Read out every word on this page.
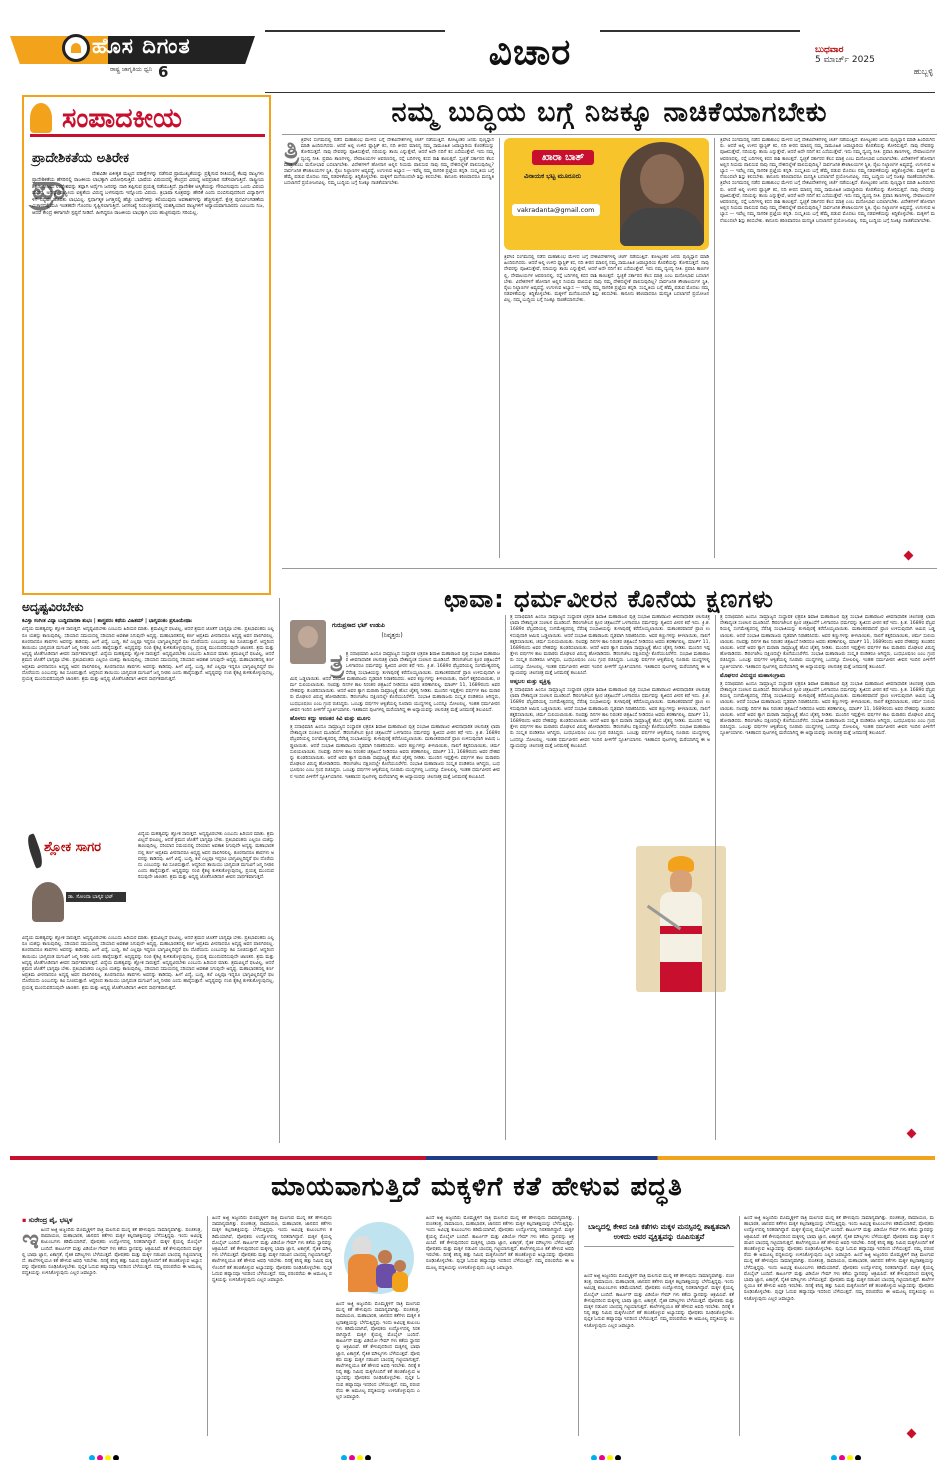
ಹೊಸ ದಿಗಂತ
ರಾಷ್ಟ್ರ ಜಾಗೃತಿಯ ಧ್ವನಿ 6	ವಿಚಾರ	ಬುಧವಾರ
5 ಮಾರ್ಚ್ 2025
ಹುಬ್ಬಳ್ಳಿ
ಸಂಪಾದಕೀಯ
ಪ್ರಾದೇಶಿಕತೆಯ ಅತಿರೇಕ
ಪ್ರಾ	ದೇಶವಿಡೀ ಏಕೀಕೃತ ಮಟ್ಟದ ಪರೀಕ್ಷೆಗಳನ್ನು ನಡೆಸುವ ಪ್ರಾಮುಖ್ಯತೆಯನ್ನು ಪ್ರಶ್ನಿಸುವ ರೀತಿಯಲ್ಲಿ ಕೆಲವು ರಾಜ್ಯಗಳು ಪ್ರಾದೇಶಿಕತೆಯ ಹೆಸರಿನಲ್ಲಿ ರಾಜಕೀಯ ಲಾಭಕ್ಕಾಗಿ ವಿರೋಧಿಸುತ್ತಿವೆ. ಭಾಷೆಯ ವಿಷಯದಲ್ಲಿ ಕೇಂದ್ರದ ವಿರುದ್ಧ ಅಪಪ್ರಚಾರ ನಡೆಸಲಾಗುತ್ತಿದೆ. ರಾಷ್ಟ್ರೀಯ ಶಿಕ್ಷಣ ನೀತಿಯ ಉದ್ದೇಶವನ್ನು ತಪ್ಪಾಗಿ ಅರ್ಥೈಸಿ ಜನರನ್ನು ದಾರಿ ತಪ್ಪಿಸುವ ಪ್ರಯತ್ನ ನಡೆಯುತ್ತಿದೆ. ಪ್ರಾದೇಶಿಕ ಅಸ್ಮಿತೆಯನ್ನು ಗೌರವಿಸುವುದು ಒಂದು ವಿಷಯವಾದರೆ, ಅದನ್ನು ರಾಷ್ಟ್ರೀಯ ಐಕ್ಯತೆಯ ವಿರುದ್ಧ ಬಳಸುವುದು ಇನ್ನೊಂದು ವಿಷಯ. ತ್ರಿಭಾಷಾ ಸೂತ್ರವನ್ನು ಹೇರಿಕೆ ಎಂದು ಬಿಂಬಿಸುವುದರಿಂದ ವಿದ್ಯಾರ್ಥಿಗಳಿಗೆ ನಷ್ಟವೇ ಹೊರತು ಲಾಭವಿಲ್ಲ. ಸ್ಪರ್ಧಾತ್ಮಕ ಜಗತ್ತಿನಲ್ಲಿ ಹೆಚ್ಚು ಭಾಷೆಗಳನ್ನು ಕಲಿಯುವುದು ಅವಕಾಶಗಳನ್ನು ಹೆಚ್ಚಿಸುತ್ತದೆ. ಕ್ಷೇತ್ರ ಪುನರ್ವಿಂಗಡಣೆಯ ವಿಚಾರದಲ್ಲಿಯೂ ಇಂತಹದೇ ಗೊಂದಲ ಸೃಷ್ಟಿಸಲಾಗುತ್ತಿದೆ. ಜನಸಂಖ್ಯೆ ನಿಯಂತ್ರಣದಲ್ಲಿ ಯಶಸ್ವಿಯಾದ ರಾಜ್ಯಗಳಿಗೆ ಅನ್ಯಾಯವಾಗಬಾರದು ಎಂಬುದು ನಿಜ, ಆದರೆ ಕೇಂದ್ರ ಈಗಾಗಲೇ ಸ್ಪಷ್ಟನೆ ನೀಡಿದೆ. ಹೀಗಿದ್ದರೂ ರಾಜಕೀಯ ಲಾಭಕ್ಕಾಗಿ ಭಯ ಹುಟ್ಟಿಸುವುದು ಸರಿಯಲ್ಲ.
ನಮ್ಮ ಬುದ್ಧಿಯ ಬಗ್ಗೆ ನಿಜಕ್ಕೂ ನಾಚಿಕೆಯಾಗಬೇಕು
ತ್ರಿ ತ್ರಿವೇಣಿ ಸಂಗಮದಲ್ಲಿ ನಡೆದ ಮಹಾಕುಂಭ ಮೇಳದ ಬಗ್ಗೆ ದೇಶವಿದೇಶಗಳಲ್ಲಿ ಚರ್ಚೆ ನಡೆಯುತ್ತಿದೆ. ಕೋಟ್ಯಂತರ ಜನರು ಪುಣ್ಯಸ್ನಾನ ಮಾಡಿ ಹಿಂದಿರುಗಿದರು. ಆದರೆ ಅಲ್ಲಿ ಉಳಿದ ಪ್ಲಾಸ್ಟಿಕ್ ಕಸ, ನದಿ ತೀರದ ಮಾಲಿನ್ಯ ನಮ್ಮ ಸಾಮೂಹಿಕ ಜವಾಬ್ದಾರಿಯ ಕೊರತೆಯನ್ನು ತೋರಿಸುತ್ತದೆ. ನಾವು ದೇವರನ್ನು ಪೂಜಿಸುತ್ತೇವೆ, ನದಿಯನ್ನು ತಾಯಿ ಎನ್ನುತ್ತೇವೆ, ಆದರೆ ಅದೇ ನದಿಗೆ ಕಸ ಎಸೆಯುತ್ತೇವೆ. ಇದು ನಮ್ಮ ದ್ವಂದ್ವ ನೀತಿ. ಪ್ರವಾಸಿ ತಾಣಗಳಲ್ಲಿ, ದೇವಾಲಯಗಳ ಆವರಣದಲ್ಲಿ, ರಸ್ತೆ ಬದಿಗಳಲ್ಲಿ ಕಸದ ರಾಶಿ ಕಾಣುತ್ತದೆ. ಸ್ವಚ್ಛತೆ ಸರ್ಕಾರದ ಕೆಲಸ ಮಾತ್ರ ಎಂಬ ಮನೋಭಾವ ಬದಲಾಗಬೇಕು. ವಿದೇಶಗಳಿಗೆ ಹೋದಾಗ ಅಲ್ಲಿನ ನಿಯಮ ಪಾಲಿಸುವ ನಾವು ನಮ್ಮ ದೇಶದಲ್ಲೇಕೆ ಪಾಲಿಸುವುದಿಲ್ಲ? ಸಾರ್ವಜನಿಕ ಶೌಚಾಲಯಗಳ ಸ್ಥಿತಿ, ರೈಲು ನಿಲ್ದಾಣಗಳ ಅವ್ಯವಸ್ಥೆ, ಉಗುಳುವ ಅಭ್ಯಾಸ — ಇವೆಲ್ಲ ನಮ್ಮ ನಾಗರಿಕ ಪ್ರಜ್ಞೆಯ ಕನ್ನಡಿ. ಸಂಸ್ಕೃತಿಯ ಬಗ್ಗೆ ಹೆಮ್ಮೆ ಪಡುವ ಮೊದಲು ನಮ್ಮ ನಡವಳಿಕೆಯನ್ನು ತಿದ್ದಿಕೊಳ್ಳಬೇಕು. ಮಕ್ಕಳಿಗೆ ಮನೆಯಿಂದಲೇ ಶಿಸ್ತು ಕಲಿಸಬೇಕು. ಕಾನೂನು ಕಠಿಣವಾದರೂ ಮನಸ್ಥಿತಿ ಬದಲಾಗದೆ ಪ್ರಯೋಜನವಿಲ್ಲ. ನಮ್ಮ ಬುದ್ಧಿಯ ಬಗ್ಗೆ ನಿಜಕ್ಕೂ ನಾಚಿಕೆಯಾಗಬೇಕು.
ಖಾರಾ ಬಾತ್
ವಿನಾಯಕ ಭಟ್ಟ ಮೂರೂರು
vakradanta@gmail.com
ತ್ರಿವೇಣಿ ಸಂಗಮದಲ್ಲಿ ನಡೆದ ಮಹಾಕುಂಭ ಮೇಳದ ಬಗ್ಗೆ ದೇಶವಿದೇಶಗಳಲ್ಲಿ ಚರ್ಚೆ ನಡೆಯುತ್ತಿದೆ. ಕೋಟ್ಯಂತರ ಜನರು ಪುಣ್ಯಸ್ನಾನ ಮಾಡಿ ಹಿಂದಿರುಗಿದರು. ಆದರೆ ಅಲ್ಲಿ ಉಳಿದ ಪ್ಲಾಸ್ಟಿಕ್ ಕಸ, ನದಿ ತೀರದ ಮಾಲಿನ್ಯ ನಮ್ಮ ಸಾಮೂಹಿಕ ಜವಾಬ್ದಾರಿಯ ಕೊರತೆಯನ್ನು ತೋರಿಸುತ್ತದೆ. ನಾವು ದೇವರನ್ನು ಪೂಜಿಸುತ್ತೇವೆ, ನದಿಯನ್ನು ತಾಯಿ ಎನ್ನುತ್ತೇವೆ, ಆದರೆ ಅದೇ ನದಿಗೆ ಕಸ ಎಸೆಯುತ್ತೇವೆ. ಇದು ನಮ್ಮ ದ್ವಂದ್ವ ನೀತಿ. ಪ್ರವಾಸಿ ತಾಣಗಳಲ್ಲಿ, ದೇವಾಲಯಗಳ ಆವರಣದಲ್ಲಿ, ರಸ್ತೆ ಬದಿಗಳಲ್ಲಿ ಕಸದ ರಾಶಿ ಕಾಣುತ್ತದೆ. ಸ್ವಚ್ಛತೆ ಸರ್ಕಾರದ ಕೆಲಸ ಮಾತ್ರ ಎಂಬ ಮನೋಭಾವ ಬದಲಾಗಬೇಕು. ವಿದೇಶಗಳಿಗೆ ಹೋದಾಗ ಅಲ್ಲಿನ ನಿಯಮ ಪಾಲಿಸುವ ನಾವು ನಮ್ಮ ದೇಶದಲ್ಲೇಕೆ ಪಾಲಿಸುವುದಿಲ್ಲ? ಸಾರ್ವಜನಿಕ ಶೌಚಾಲಯಗಳ ಸ್ಥಿತಿ, ರೈಲು ನಿಲ್ದಾಣಗಳ ಅವ್ಯವಸ್ಥೆ, ಉಗುಳುವ ಅಭ್ಯಾಸ — ಇವೆಲ್ಲ ನಮ್ಮ ನಾಗರಿಕ ಪ್ರಜ್ಞೆಯ ಕನ್ನಡಿ. ಸಂಸ್ಕೃತಿಯ ಬಗ್ಗೆ ಹೆಮ್ಮೆ ಪಡುವ ಮೊದಲು ನಮ್ಮ ನಡವಳಿಕೆಯನ್ನು ತಿದ್ದಿಕೊಳ್ಳಬೇಕು. ಮಕ್ಕಳಿಗೆ ಮನೆಯಿಂದಲೇ ಶಿಸ್ತು ಕಲಿಸಬೇಕು. ಕಾನೂನು ಕಠಿಣವಾದರೂ ಮನಸ್ಥಿತಿ ಬದಲಾಗದೆ ಪ್ರಯೋಜನವಿಲ್ಲ. ನಮ್ಮ ಬುದ್ಧಿಯ ಬಗ್ಗೆ ನಿಜಕ್ಕೂ ನಾಚಿಕೆಯಾಗಬೇಕು.
ತ್ರಿವೇಣಿ ಸಂಗಮದಲ್ಲಿ ನಡೆದ ಮಹಾಕುಂಭ ಮೇಳದ ಬಗ್ಗೆ ದೇಶವಿದೇಶಗಳಲ್ಲಿ ಚರ್ಚೆ ನಡೆಯುತ್ತಿದೆ. ಕೋಟ್ಯಂತರ ಜನರು ಪುಣ್ಯಸ್ನಾನ ಮಾಡಿ ಹಿಂದಿರುಗಿದರು. ಆದರೆ ಅಲ್ಲಿ ಉಳಿದ ಪ್ಲಾಸ್ಟಿಕ್ ಕಸ, ನದಿ ತೀರದ ಮಾಲಿನ್ಯ ನಮ್ಮ ಸಾಮೂಹಿಕ ಜವಾಬ್ದಾರಿಯ ಕೊರತೆಯನ್ನು ತೋರಿಸುತ್ತದೆ. ನಾವು ದೇವರನ್ನು ಪೂಜಿಸುತ್ತೇವೆ, ನದಿಯನ್ನು ತಾಯಿ ಎನ್ನುತ್ತೇವೆ, ಆದರೆ ಅದೇ ನದಿಗೆ ಕಸ ಎಸೆಯುತ್ತೇವೆ. ಇದು ನಮ್ಮ ದ್ವಂದ್ವ ನೀತಿ. ಪ್ರವಾಸಿ ತಾಣಗಳಲ್ಲಿ, ದೇವಾಲಯಗಳ ಆವರಣದಲ್ಲಿ, ರಸ್ತೆ ಬದಿಗಳಲ್ಲಿ ಕಸದ ರಾಶಿ ಕಾಣುತ್ತದೆ. ಸ್ವಚ್ಛತೆ ಸರ್ಕಾರದ ಕೆಲಸ ಮಾತ್ರ ಎಂಬ ಮನೋಭಾವ ಬದಲಾಗಬೇಕು. ವಿದೇಶಗಳಿಗೆ ಹೋದಾಗ ಅಲ್ಲಿನ ನಿಯಮ ಪಾಲಿಸುವ ನಾವು ನಮ್ಮ ದೇಶದಲ್ಲೇಕೆ ಪಾಲಿಸುವುದಿಲ್ಲ? ಸಾರ್ವಜನಿಕ ಶೌಚಾಲಯಗಳ ಸ್ಥಿತಿ, ರೈಲು ನಿಲ್ದಾಣಗಳ ಅವ್ಯವಸ್ಥೆ, ಉಗುಳುವ ಅಭ್ಯಾಸ — ಇವೆಲ್ಲ ನಮ್ಮ ನಾಗರಿಕ ಪ್ರಜ್ಞೆಯ ಕನ್ನಡಿ. ಸಂಸ್ಕೃತಿಯ ಬಗ್ಗೆ ಹೆಮ್ಮೆ ಪಡುವ ಮೊದಲು ನಮ್ಮ ನಡವಳಿಕೆಯನ್ನು ತಿದ್ದಿಕೊಳ್ಳಬೇಕು. ಮಕ್ಕಳಿಗೆ ಮನೆಯಿಂದಲೇ ಶಿಸ್ತು ಕಲಿಸಬೇಕು. ಕಾನೂನು ಕಠಿಣವಾದರೂ ಮನಸ್ಥಿತಿ ಬದಲಾಗದೆ ಪ್ರಯೋಜನವಿಲ್ಲ. ನಮ್ಮ ಬುದ್ಧಿಯ ಬಗ್ಗೆ ನಿಜಕ್ಕೂ ನಾಚಿಕೆಯಾಗಬೇಕು. ತ್ರಿವೇಣಿ ಸಂಗಮದಲ್ಲಿ ನಡೆದ ಮಹಾಕುಂಭ ಮೇಳದ ಬಗ್ಗೆ ದೇಶವಿದೇಶಗಳಲ್ಲಿ ಚರ್ಚೆ ನಡೆಯುತ್ತಿದೆ. ಕೋಟ್ಯಂತರ ಜನರು ಪುಣ್ಯಸ್ನಾನ ಮಾಡಿ ಹಿಂದಿರುಗಿದರು. ಆದರೆ ಅಲ್ಲಿ ಉಳಿದ ಪ್ಲಾಸ್ಟಿಕ್ ಕಸ, ನದಿ ತೀರದ ಮಾಲಿನ್ಯ ನಮ್ಮ ಸಾಮೂಹಿಕ ಜವಾಬ್ದಾರಿಯ ಕೊರತೆಯನ್ನು ತೋರಿಸುತ್ತದೆ. ನಾವು ದೇವರನ್ನು ಪೂಜಿಸುತ್ತೇವೆ, ನದಿಯನ್ನು ತಾಯಿ ಎನ್ನುತ್ತೇವೆ, ಆದರೆ ಅದೇ ನದಿಗೆ ಕಸ ಎಸೆಯುತ್ತೇವೆ. ಇದು ನಮ್ಮ ದ್ವಂದ್ವ ನೀತಿ. ಪ್ರವಾಸಿ ತಾಣಗಳಲ್ಲಿ, ದೇವಾಲಯಗಳ ಆವರಣದಲ್ಲಿ, ರಸ್ತೆ ಬದಿಗಳಲ್ಲಿ ಕಸದ ರಾಶಿ ಕಾಣುತ್ತದೆ. ಸ್ವಚ್ಛತೆ ಸರ್ಕಾರದ ಕೆಲಸ ಮಾತ್ರ ಎಂಬ ಮನೋಭಾವ ಬದಲಾಗಬೇಕು. ವಿದೇಶಗಳಿಗೆ ಹೋದಾಗ ಅಲ್ಲಿನ ನಿಯಮ ಪಾಲಿಸುವ ನಾವು ನಮ್ಮ ದೇಶದಲ್ಲೇಕೆ ಪಾಲಿಸುವುದಿಲ್ಲ? ಸಾರ್ವಜನಿಕ ಶೌಚಾಲಯಗಳ ಸ್ಥಿತಿ, ರೈಲು ನಿಲ್ದಾಣಗಳ ಅವ್ಯವಸ್ಥೆ, ಉಗುಳುವ ಅಭ್ಯಾಸ — ಇವೆಲ್ಲ ನಮ್ಮ ನಾಗರಿಕ ಪ್ರಜ್ಞೆಯ ಕನ್ನಡಿ. ಸಂಸ್ಕೃತಿಯ ಬಗ್ಗೆ ಹೆಮ್ಮೆ ಪಡುವ ಮೊದಲು ನಮ್ಮ ನಡವಳಿಕೆಯನ್ನು ತಿದ್ದಿಕೊಳ್ಳಬೇಕು. ಮಕ್ಕಳಿಗೆ ಮನೆಯಿಂದಲೇ ಶಿಸ್ತು ಕಲಿಸಬೇಕು. ಕಾನೂನು ಕಠಿಣವಾದರೂ ಮನಸ್ಥಿತಿ ಬದಲಾಗದೆ ಪ್ರಯೋಜನವಿಲ್ಲ. ನಮ್ಮ ಬುದ್ಧಿಯ ಬಗ್ಗೆ ನಿಜಕ್ಕೂ ನಾಚಿಕೆಯಾಗಬೇಕು.
ಅದೃಷ್ಟವಿರಬೇಕು
ಕವಿಸ್ತಾ ಸಂಗೀತ ವಿದ್ಯಾ ಬುದ್ಧಿಮಾನತಾ ಶುಭಂ | ಶಾಸ್ತ್ರಪರಂ ಕಥೆಯ ವಿಹಿತಮ್ | ಭಾಗ್ಯವಂತಂ ಪ್ರಸೂಯೇಥಾಃ
ವಿದ್ಯೆಯ ಮಹತ್ವವನ್ನು ಶ್ಲೋಕ ಸಾರುತ್ತದೆ. ಅದೃಷ್ಟವಿರಬೇಕು ಎಂಬುದು ಹಿರಿಯರ ಮಾತು. ಶ್ರಮವಿಲ್ಲದೆ ಫಲವಿಲ್ಲ, ಆದರೆ ಶ್ರಮದ ಜೊತೆಗೆ ಭಾಗ್ಯವೂ ಬೇಕು. ಪ್ರತಿಭಾವಂತರು ಎಲ್ಲರೂ ಯಶಸ್ಸು ಕಾಣುವುದಿಲ್ಲ. ಸರಿಯಾದ ಸಮಯದಲ್ಲಿ ಸರಿಯಾದ ಅವಕಾಶ ಸಿಗುವುದೇ ಅದೃಷ್ಟ. ಮಹಾಭಾರತದಲ್ಲಿ ಕರ್ಣ ಅಪ್ರತಿಮ ವೀರನಾದರೂ ಅದೃಷ್ಟ ಅವನ ಪಾಲಿಗಿರಲಿಲ್ಲ. ಶೂರನಾದರೂ ಶಾಪಗಳು ಅವನನ್ನು ಕಾಡಿದವು. ಹೀಗೆ ವಿದ್ಯೆ, ಬುದ್ಧಿ, ಕಲೆ ಎಲ್ಲವೂ ಇದ್ದರೂ ಭಾಗ್ಯವಿಲ್ಲದಿದ್ದರೆ ಫಲ ದೊರೆಯದು ಎಂಬುದನ್ನು ಕವಿ ಸೂಚಿಸುತ್ತಾನೆ. ಆದ್ದರಿಂದ ತಾಯಿಯು ಭಾಗ್ಯವಂತ ಮಗುವಿಗೆ ಜನ್ಮ ನೀಡಲಿ ಎಂದು ಹಾರೈಸುತ್ತಾನೆ. ಅದೃಷ್ಟವನ್ನು ನಂಬಿ ಕೈಕಟ್ಟಿ ಕುಳಿತುಕೊಳ್ಳುವುದಲ್ಲ, ಪ್ರಯತ್ನ ಮುಂದುವರಿಸುವುದೇ ಜಾಣತನ. ಶ್ರಮ ಮತ್ತು ಅದೃಷ್ಟ ಜೊತೆಗೂಡಿದಾಗ ಜೀವನ ಸಾರ್ಥಕವಾಗುತ್ತದೆ. ವಿದ್ಯೆಯ ಮಹತ್ವವನ್ನು ಶ್ಲೋಕ ಸಾರುತ್ತದೆ. ಅದೃಷ್ಟವಿರಬೇಕು ಎಂಬುದು ಹಿರಿಯರ ಮಾತು. ಶ್ರಮವಿಲ್ಲದೆ ಫಲವಿಲ್ಲ, ಆದರೆ ಶ್ರಮದ ಜೊತೆಗೆ ಭಾಗ್ಯವೂ ಬೇಕು. ಪ್ರತಿಭಾವಂತರು ಎಲ್ಲರೂ ಯಶಸ್ಸು ಕಾಣುವುದಿಲ್ಲ. ಸರಿಯಾದ ಸಮಯದಲ್ಲಿ ಸರಿಯಾದ ಅವಕಾಶ ಸಿಗುವುದೇ ಅದೃಷ್ಟ. ಮಹಾಭಾರತದಲ್ಲಿ ಕರ್ಣ ಅಪ್ರತಿಮ ವೀರನಾದರೂ ಅದೃಷ್ಟ ಅವನ ಪಾಲಿಗಿರಲಿಲ್ಲ. ಶೂರನಾದರೂ ಶಾಪಗಳು ಅವನನ್ನು ಕಾಡಿದವು. ಹೀಗೆ ವಿದ್ಯೆ, ಬುದ್ಧಿ, ಕಲೆ ಎಲ್ಲವೂ ಇದ್ದರೂ ಭಾಗ್ಯವಿಲ್ಲದಿದ್ದರೆ ಫಲ ದೊರೆಯದು ಎಂಬುದನ್ನು ಕವಿ ಸೂಚಿಸುತ್ತಾನೆ. ಆದ್ದರಿಂದ ತಾಯಿಯು ಭಾಗ್ಯವಂತ ಮಗುವಿಗೆ ಜನ್ಮ ನೀಡಲಿ ಎಂದು ಹಾರೈಸುತ್ತಾನೆ. ಅದೃಷ್ಟವನ್ನು ನಂಬಿ ಕೈಕಟ್ಟಿ ಕುಳಿತುಕೊಳ್ಳುವುದಲ್ಲ, ಪ್ರಯತ್ನ ಮುಂದುವರಿಸುವುದೇ ಜಾಣತನ. ಶ್ರಮ ಮತ್ತು ಅದೃಷ್ಟ ಜೊತೆಗೂಡಿದಾಗ ಜೀವನ ಸಾರ್ಥಕವಾಗುತ್ತದೆ.
ಶ್ಲೋಕ ಸಾಗರ
ಡಾ. ಸೋಂದಾ ಭಾಸ್ಕರ ಭಟ್
ವಿದ್ಯೆಯ ಮಹತ್ವವನ್ನು ಶ್ಲೋಕ ಸಾರುತ್ತದೆ. ಅದೃಷ್ಟವಿರಬೇಕು ಎಂಬುದು ಹಿರಿಯರ ಮಾತು. ಶ್ರಮವಿಲ್ಲದೆ ಫಲವಿಲ್ಲ, ಆದರೆ ಶ್ರಮದ ಜೊತೆಗೆ ಭಾಗ್ಯವೂ ಬೇಕು. ಪ್ರತಿಭಾವಂತರು ಎಲ್ಲರೂ ಯಶಸ್ಸು ಕಾಣುವುದಿಲ್ಲ. ಸರಿಯಾದ ಸಮಯದಲ್ಲಿ ಸರಿಯಾದ ಅವಕಾಶ ಸಿಗುವುದೇ ಅದೃಷ್ಟ. ಮಹಾಭಾರತದಲ್ಲಿ ಕರ್ಣ ಅಪ್ರತಿಮ ವೀರನಾದರೂ ಅದೃಷ್ಟ ಅವನ ಪಾಲಿಗಿರಲಿಲ್ಲ. ಶೂರನಾದರೂ ಶಾಪಗಳು ಅವನನ್ನು ಕಾಡಿದವು. ಹೀಗೆ ವಿದ್ಯೆ, ಬುದ್ಧಿ, ಕಲೆ ಎಲ್ಲವೂ ಇದ್ದರೂ ಭಾಗ್ಯವಿಲ್ಲದಿದ್ದರೆ ಫಲ ದೊರೆಯದು ಎಂಬುದನ್ನು ಕವಿ ಸೂಚಿಸುತ್ತಾನೆ. ಆದ್ದರಿಂದ ತಾಯಿಯು ಭಾಗ್ಯವಂತ ಮಗುವಿಗೆ ಜನ್ಮ ನೀಡಲಿ ಎಂದು ಹಾರೈಸುತ್ತಾನೆ. ಅದೃಷ್ಟವನ್ನು ನಂಬಿ ಕೈಕಟ್ಟಿ ಕುಳಿತುಕೊಳ್ಳುವುದಲ್ಲ, ಪ್ರಯತ್ನ ಮುಂದುವರಿಸುವುದೇ ಜಾಣತನ. ಶ್ರಮ ಮತ್ತು ಅದೃಷ್ಟ ಜೊತೆಗೂಡಿದಾಗ ಜೀವನ ಸಾರ್ಥಕವಾಗುತ್ತದೆ.
ವಿದ್ಯೆಯ ಮಹತ್ವವನ್ನು ಶ್ಲೋಕ ಸಾರುತ್ತದೆ. ಅದೃಷ್ಟವಿರಬೇಕು ಎಂಬುದು ಹಿರಿಯರ ಮಾತು. ಶ್ರಮವಿಲ್ಲದೆ ಫಲವಿಲ್ಲ, ಆದರೆ ಶ್ರಮದ ಜೊತೆಗೆ ಭಾಗ್ಯವೂ ಬೇಕು. ಪ್ರತಿಭಾವಂತರು ಎಲ್ಲರೂ ಯಶಸ್ಸು ಕಾಣುವುದಿಲ್ಲ. ಸರಿಯಾದ ಸಮಯದಲ್ಲಿ ಸರಿಯಾದ ಅವಕಾಶ ಸಿಗುವುದೇ ಅದೃಷ್ಟ. ಮಹಾಭಾರತದಲ್ಲಿ ಕರ್ಣ ಅಪ್ರತಿಮ ವೀರನಾದರೂ ಅದೃಷ್ಟ ಅವನ ಪಾಲಿಗಿರಲಿಲ್ಲ. ಶೂರನಾದರೂ ಶಾಪಗಳು ಅವನನ್ನು ಕಾಡಿದವು. ಹೀಗೆ ವಿದ್ಯೆ, ಬುದ್ಧಿ, ಕಲೆ ಎಲ್ಲವೂ ಇದ್ದರೂ ಭಾಗ್ಯವಿಲ್ಲದಿದ್ದರೆ ಫಲ ದೊರೆಯದು ಎಂಬುದನ್ನು ಕವಿ ಸೂಚಿಸುತ್ತಾನೆ. ಆದ್ದರಿಂದ ತಾಯಿಯು ಭಾಗ್ಯವಂತ ಮಗುವಿಗೆ ಜನ್ಮ ನೀಡಲಿ ಎಂದು ಹಾರೈಸುತ್ತಾನೆ. ಅದೃಷ್ಟವನ್ನು ನಂಬಿ ಕೈಕಟ್ಟಿ ಕುಳಿತುಕೊಳ್ಳುವುದಲ್ಲ, ಪ್ರಯತ್ನ ಮುಂದುವರಿಸುವುದೇ ಜಾಣತನ. ಶ್ರಮ ಮತ್ತು ಅದೃಷ್ಟ ಜೊತೆಗೂಡಿದಾಗ ಜೀವನ ಸಾರ್ಥಕವಾಗುತ್ತದೆ. ವಿದ್ಯೆಯ ಮಹತ್ವವನ್ನು ಶ್ಲೋಕ ಸಾರುತ್ತದೆ. ಅದೃಷ್ಟವಿರಬೇಕು ಎಂಬುದು ಹಿರಿಯರ ಮಾತು. ಶ್ರಮವಿಲ್ಲದೆ ಫಲವಿಲ್ಲ, ಆದರೆ ಶ್ರಮದ ಜೊತೆಗೆ ಭಾಗ್ಯವೂ ಬೇಕು. ಪ್ರತಿಭಾವಂತರು ಎಲ್ಲರೂ ಯಶಸ್ಸು ಕಾಣುವುದಿಲ್ಲ. ಸರಿಯಾದ ಸಮಯದಲ್ಲಿ ಸರಿಯಾದ ಅವಕಾಶ ಸಿಗುವುದೇ ಅದೃಷ್ಟ. ಮಹಾಭಾರತದಲ್ಲಿ ಕರ್ಣ ಅಪ್ರತಿಮ ವೀರನಾದರೂ ಅದೃಷ್ಟ ಅವನ ಪಾಲಿಗಿರಲಿಲ್ಲ. ಶೂರನಾದರೂ ಶಾಪಗಳು ಅವನನ್ನು ಕಾಡಿದವು. ಹೀಗೆ ವಿದ್ಯೆ, ಬುದ್ಧಿ, ಕಲೆ ಎಲ್ಲವೂ ಇದ್ದರೂ ಭಾಗ್ಯವಿಲ್ಲದಿದ್ದರೆ ಫಲ ದೊರೆಯದು ಎಂಬುದನ್ನು ಕವಿ ಸೂಚಿಸುತ್ತಾನೆ. ಆದ್ದರಿಂದ ತಾಯಿಯು ಭಾಗ್ಯವಂತ ಮಗುವಿಗೆ ಜನ್ಮ ನೀಡಲಿ ಎಂದು ಹಾರೈಸುತ್ತಾನೆ. ಅದೃಷ್ಟವನ್ನು ನಂಬಿ ಕೈಕಟ್ಟಿ ಕುಳಿತುಕೊಳ್ಳುವುದಲ್ಲ, ಪ್ರಯತ್ನ ಮುಂದುವರಿಸುವುದೇ ಜಾಣತನ. ಶ್ರಮ ಮತ್ತು ಅದೃಷ್ಟ ಜೊತೆಗೂಡಿದಾಗ ಜೀವನ ಸಾರ್ಥಕವಾಗುತ್ತದೆ.
ಛಾವಾ: ಧರ್ಮವೀರನ ಕೊನೆಯ ಕ್ಷಣಗಳು
ಗುರುಪ್ರಸಾದ ಭಟ್ ಉಡುಪಿ
(ನಿವೃತ್ತರು)
ತ್ರ ತ್ರ ಸದಾಭಿಮಾನಿ ಹಿಂದೂ ಸಾಮ್ರಾಜ್ಯದ ಸಂಸ್ಥಾಪಕ ಛತ್ರಪತಿ ಶಿವಾಜಿ ಮಹಾರಾಜರ ಪುತ್ರ ಸಂಭಾಜಿ ಮಹಾರಾಜರ ಜೀವನಾಧಾರಿತ ಚಲನಚಿತ್ರ ಛಾವಾ ದೇಶಾದ್ಯಂತ ಸಂಚಲನ ಮೂಡಿಸಿದೆ. ಔರಂಗಜೇಬನ ಕ್ರೂರ ಚಿತ್ರಹಿಂಸೆಗೆ ಒಳಗಾದರೂ ಧರ್ಮವನ್ನು ತ್ಯಜಿಸದ ವೀರನ ಕಥೆ ಇದು. ಕ್ರಿ.ಶ. 1689ರ ಫೆಬ್ರವರಿಯಲ್ಲಿ ಸಂಗಮೇಶ್ವರದಲ್ಲಿ ಸೆರೆಸಿಕ್ಕ ಸಂಭಾಜಿಯನ್ನು ತುಳಾಪುರಕ್ಕೆ ಕರೆದೊಯ್ಯಲಾಯಿತು. ಮತಾಂತರವಾದರೆ ಪ್ರಾಣ ಉಳಿಸುವುದಾಗಿ ಆಮಿಷ ಒಡ್ಡಲಾಯಿತು. ಆದರೆ ಸಂಭಾಜಿ ಮಹಾರಾಜರು ದೃಢವಾಗಿ ನಿರಾಕರಿಸಿದರು. ಅವರ ಕಣ್ಣುಗಳನ್ನು ಕೀಳಲಾಯಿತು, ನಾಲಿಗೆ ಕತ್ತರಿಸಲಾಯಿತು, ಚರ್ಮ ಸುಲಿಯಲಾಯಿತು. ನಲವತ್ತು ದಿನಗಳ ಕಾಲ ನಿರಂತರ ಚಿತ್ರಹಿಂಸೆ ನೀಡಿದರೂ ಅವರು ಶರಣಾಗಲಿಲ್ಲ. ಮಾರ್ಚ್ 11, 1689ರಂದು ಅವರ ದೇಹವನ್ನು ತುಂಡರಿಸಲಾಯಿತು. ಆದರೆ ಅವರ ತ್ಯಾಗ ಮರಾಠಾ ಸಾಮ್ರಾಜ್ಯಕ್ಕೆ ಹೊಸ ಚೈತನ್ಯ ನೀಡಿತು. ಮುಂದಿನ ಇಪ್ಪತ್ತೇಳು ವರ್ಷಗಳ ಕಾಲ ಮರಾಠರು ಮೊಘಲರ ವಿರುದ್ಧ ಹೋರಾಡಿದರು. ಔರಂಗಜೇಬ ದಕ್ಷಿಣದಲ್ಲೇ ಕೊನೆಯುಸಿರೆಳೆದ. ಸಂಭಾಜಿ ಮಹಾರಾಜರು ಸಂಸ್ಕೃತ ಪಂಡಿತರೂ ಆಗಿದ್ದರು, ಬುಧಭೂಷಣಂ ಎಂಬ ಗ್ರಂಥ ರಚಿಸಿದ್ದರು. ಒಂಬತ್ತು ವರ್ಷಗಳ ಆಳ್ವಿಕೆಯಲ್ಲಿ ನೂರಾರು ಯುದ್ಧಗಳಲ್ಲಿ ಒಂದನ್ನೂ ಸೋಲಲಿಲ್ಲ. ಇಂತಹ ಧರ್ಮವೀರನ ಜೀವನ ಇಂದಿನ ಪೀಳಿಗೆಗೆ ಸ್ಫೂರ್ತಿಯಾಗಲಿ. ಇತಿಹಾಸದ ಪುಟಗಳಲ್ಲಿ ಮರೆಯಾಗಿದ್ದ ಈ ಅಧ್ಯಾಯವನ್ನು ಚಲನಚಿತ್ರ ಮತ್ತೆ ಜನಮನಕ್ಕೆ ತಲುಪಿಸಿದೆ.
ಹೊಳಲು ಕಣ್ಣು ಆನಂತರ ಕಿವಿ ಮತ್ತು ಮೂಗು
ತ್ರ ಸದಾಭಿಮಾನಿ ಹಿಂದೂ ಸಾಮ್ರಾಜ್ಯದ ಸಂಸ್ಥಾಪಕ ಛತ್ರಪತಿ ಶಿವಾಜಿ ಮಹಾರಾಜರ ಪುತ್ರ ಸಂಭಾಜಿ ಮಹಾರಾಜರ ಜೀವನಾಧಾರಿತ ಚಲನಚಿತ್ರ ಛಾವಾ ದೇಶಾದ್ಯಂತ ಸಂಚಲನ ಮೂಡಿಸಿದೆ. ಔರಂಗಜೇಬನ ಕ್ರೂರ ಚಿತ್ರಹಿಂಸೆಗೆ ಒಳಗಾದರೂ ಧರ್ಮವನ್ನು ತ್ಯಜಿಸದ ವೀರನ ಕಥೆ ಇದು. ಕ್ರಿ.ಶ. 1689ರ ಫೆಬ್ರವರಿಯಲ್ಲಿ ಸಂಗಮೇಶ್ವರದಲ್ಲಿ ಸೆರೆಸಿಕ್ಕ ಸಂಭಾಜಿಯನ್ನು ತುಳಾಪುರಕ್ಕೆ ಕರೆದೊಯ್ಯಲಾಯಿತು. ಮತಾಂತರವಾದರೆ ಪ್ರಾಣ ಉಳಿಸುವುದಾಗಿ ಆಮಿಷ ಒಡ್ಡಲಾಯಿತು. ಆದರೆ ಸಂಭಾಜಿ ಮಹಾರಾಜರು ದೃಢವಾಗಿ ನಿರಾಕರಿಸಿದರು. ಅವರ ಕಣ್ಣುಗಳನ್ನು ಕೀಳಲಾಯಿತು, ನಾಲಿಗೆ ಕತ್ತರಿಸಲಾಯಿತು, ಚರ್ಮ ಸುಲಿಯಲಾಯಿತು. ನಲವತ್ತು ದಿನಗಳ ಕಾಲ ನಿರಂತರ ಚಿತ್ರಹಿಂಸೆ ನೀಡಿದರೂ ಅವರು ಶರಣಾಗಲಿಲ್ಲ. ಮಾರ್ಚ್ 11, 1689ರಂದು ಅವರ ದೇಹವನ್ನು ತುಂಡರಿಸಲಾಯಿತು. ಆದರೆ ಅವರ ತ್ಯಾಗ ಮರಾಠಾ ಸಾಮ್ರಾಜ್ಯಕ್ಕೆ ಹೊಸ ಚೈತನ್ಯ ನೀಡಿತು. ಮುಂದಿನ ಇಪ್ಪತ್ತೇಳು ವರ್ಷಗಳ ಕಾಲ ಮರಾಠರು ಮೊಘಲರ ವಿರುದ್ಧ ಹೋರಾಡಿದರು. ಔರಂಗಜೇಬ ದಕ್ಷಿಣದಲ್ಲೇ ಕೊನೆಯುಸಿರೆಳೆದ. ಸಂಭಾಜಿ ಮಹಾರಾಜರು ಸಂಸ್ಕೃತ ಪಂಡಿತರೂ ಆಗಿದ್ದರು, ಬುಧಭೂಷಣಂ ಎಂಬ ಗ್ರಂಥ ರಚಿಸಿದ್ದರು. ಒಂಬತ್ತು ವರ್ಷಗಳ ಆಳ್ವಿಕೆಯಲ್ಲಿ ನೂರಾರು ಯುದ್ಧಗಳಲ್ಲಿ ಒಂದನ್ನೂ ಸೋಲಲಿಲ್ಲ. ಇಂತಹ ಧರ್ಮವೀರನ ಜೀವನ ಇಂದಿನ ಪೀಳಿಗೆಗೆ ಸ್ಫೂರ್ತಿಯಾಗಲಿ. ಇತಿಹಾಸದ ಪುಟಗಳಲ್ಲಿ ಮರೆಯಾಗಿದ್ದ ಈ ಅಧ್ಯಾಯವನ್ನು ಚಲನಚಿತ್ರ ಮತ್ತೆ ಜನಮನಕ್ಕೆ ತಲುಪಿಸಿದೆ.
ತ್ರ ಸದಾಭಿಮಾನಿ ಹಿಂದೂ ಸಾಮ್ರಾಜ್ಯದ ಸಂಸ್ಥಾಪಕ ಛತ್ರಪತಿ ಶಿವಾಜಿ ಮಹಾರಾಜರ ಪುತ್ರ ಸಂಭಾಜಿ ಮಹಾರಾಜರ ಜೀವನಾಧಾರಿತ ಚಲನಚಿತ್ರ ಛಾವಾ ದೇಶಾದ್ಯಂತ ಸಂಚಲನ ಮೂಡಿಸಿದೆ. ಔರಂಗಜೇಬನ ಕ್ರೂರ ಚಿತ್ರಹಿಂಸೆಗೆ ಒಳಗಾದರೂ ಧರ್ಮವನ್ನು ತ್ಯಜಿಸದ ವೀರನ ಕಥೆ ಇದು. ಕ್ರಿ.ಶ. 1689ರ ಫೆಬ್ರವರಿಯಲ್ಲಿ ಸಂಗಮೇಶ್ವರದಲ್ಲಿ ಸೆರೆಸಿಕ್ಕ ಸಂಭಾಜಿಯನ್ನು ತುಳಾಪುರಕ್ಕೆ ಕರೆದೊಯ್ಯಲಾಯಿತು. ಮತಾಂತರವಾದರೆ ಪ್ರಾಣ ಉಳಿಸುವುದಾಗಿ ಆಮಿಷ ಒಡ್ಡಲಾಯಿತು. ಆದರೆ ಸಂಭಾಜಿ ಮಹಾರಾಜರು ದೃಢವಾಗಿ ನಿರಾಕರಿಸಿದರು. ಅವರ ಕಣ್ಣುಗಳನ್ನು ಕೀಳಲಾಯಿತು, ನಾಲಿಗೆ ಕತ್ತರಿಸಲಾಯಿತು, ಚರ್ಮ ಸುಲಿಯಲಾಯಿತು. ನಲವತ್ತು ದಿನಗಳ ಕಾಲ ನಿರಂತರ ಚಿತ್ರಹಿಂಸೆ ನೀಡಿದರೂ ಅವರು ಶರಣಾಗಲಿಲ್ಲ. ಮಾರ್ಚ್ 11, 1689ರಂದು ಅವರ ದೇಹವನ್ನು ತುಂಡರಿಸಲಾಯಿತು. ಆದರೆ ಅವರ ತ್ಯಾಗ ಮರಾಠಾ ಸಾಮ್ರಾಜ್ಯಕ್ಕೆ ಹೊಸ ಚೈತನ್ಯ ನೀಡಿತು. ಮುಂದಿನ ಇಪ್ಪತ್ತೇಳು ವರ್ಷಗಳ ಕಾಲ ಮರಾಠರು ಮೊಘಲರ ವಿರುದ್ಧ ಹೋರಾಡಿದರು. ಔರಂಗಜೇಬ ದಕ್ಷಿಣದಲ್ಲೇ ಕೊನೆಯುಸಿರೆಳೆದ. ಸಂಭಾಜಿ ಮಹಾರಾಜರು ಸಂಸ್ಕೃತ ಪಂಡಿತರೂ ಆಗಿದ್ದರು, ಬುಧಭೂಷಣಂ ಎಂಬ ಗ್ರಂಥ ರಚಿಸಿದ್ದರು. ಒಂಬತ್ತು ವರ್ಷಗಳ ಆಳ್ವಿಕೆಯಲ್ಲಿ ನೂರಾರು ಯುದ್ಧಗಳಲ್ಲಿ ಒಂದನ್ನೂ ಸೋಲಲಿಲ್ಲ. ಇಂತಹ ಧರ್ಮವೀರನ ಜೀವನ ಇಂದಿನ ಪೀಳಿಗೆಗೆ ಸ್ಫೂರ್ತಿಯಾಗಲಿ. ಇತಿಹಾಸದ ಪುಟಗಳಲ್ಲಿ ಮರೆಯಾಗಿದ್ದ ಈ ಅಧ್ಯಾಯವನ್ನು ಚಲನಚಿತ್ರ ಮತ್ತೆ ಜನಮನಕ್ಕೆ ತಲುಪಿಸಿದೆ.
ಆತ್ಮಬಲ ಮತ್ತು ವ್ಯಕ್ತಿತ್ವ
ತ್ರ ಸದಾಭಿಮಾನಿ ಹಿಂದೂ ಸಾಮ್ರಾಜ್ಯದ ಸಂಸ್ಥಾಪಕ ಛತ್ರಪತಿ ಶಿವಾಜಿ ಮಹಾರಾಜರ ಪುತ್ರ ಸಂಭಾಜಿ ಮಹಾರಾಜರ ಜೀವನಾಧಾರಿತ ಚಲನಚಿತ್ರ ಛಾವಾ ದೇಶಾದ್ಯಂತ ಸಂಚಲನ ಮೂಡಿಸಿದೆ. ಔರಂಗಜೇಬನ ಕ್ರೂರ ಚಿತ್ರಹಿಂಸೆಗೆ ಒಳಗಾದರೂ ಧರ್ಮವನ್ನು ತ್ಯಜಿಸದ ವೀರನ ಕಥೆ ಇದು. ಕ್ರಿ.ಶ. 1689ರ ಫೆಬ್ರವರಿಯಲ್ಲಿ ಸಂಗಮೇಶ್ವರದಲ್ಲಿ ಸೆರೆಸಿಕ್ಕ ಸಂಭಾಜಿಯನ್ನು ತುಳಾಪುರಕ್ಕೆ ಕರೆದೊಯ್ಯಲಾಯಿತು. ಮತಾಂತರವಾದರೆ ಪ್ರಾಣ ಉಳಿಸುವುದಾಗಿ ಆಮಿಷ ಒಡ್ಡಲಾಯಿತು. ಆದರೆ ಸಂಭಾಜಿ ಮಹಾರಾಜರು ದೃಢವಾಗಿ ನಿರಾಕರಿಸಿದರು. ಅವರ ಕಣ್ಣುಗಳನ್ನು ಕೀಳಲಾಯಿತು, ನಾಲಿಗೆ ಕತ್ತರಿಸಲಾಯಿತು, ಚರ್ಮ ಸುಲಿಯಲಾಯಿತು. ನಲವತ್ತು ದಿನಗಳ ಕಾಲ ನಿರಂತರ ಚಿತ್ರಹಿಂಸೆ ನೀಡಿದರೂ ಅವರು ಶರಣಾಗಲಿಲ್ಲ. ಮಾರ್ಚ್ 11, 1689ರಂದು ಅವರ ದೇಹವನ್ನು ತುಂಡರಿಸಲಾಯಿತು. ಆದರೆ ಅವರ ತ್ಯಾಗ ಮರಾಠಾ ಸಾಮ್ರಾಜ್ಯಕ್ಕೆ ಹೊಸ ಚೈತನ್ಯ ನೀಡಿತು. ಮುಂದಿನ ಇಪ್ಪತ್ತೇಳು ವರ್ಷಗಳ ಕಾಲ ಮರಾಠರು ಮೊಘಲರ ವಿರುದ್ಧ ಹೋರಾಡಿದರು. ಔರಂಗಜೇಬ ದಕ್ಷಿಣದಲ್ಲೇ ಕೊನೆಯುಸಿರೆಳೆದ. ಸಂಭಾಜಿ ಮಹಾರಾಜರು ಸಂಸ್ಕೃತ ಪಂಡಿತರೂ ಆಗಿದ್ದರು, ಬುಧಭೂಷಣಂ ಎಂಬ ಗ್ರಂಥ ರಚಿಸಿದ್ದರು. ಒಂಬತ್ತು ವರ್ಷಗಳ ಆಳ್ವಿಕೆಯಲ್ಲಿ ನೂರಾರು ಯುದ್ಧಗಳಲ್ಲಿ ಒಂದನ್ನೂ ಸೋಲಲಿಲ್ಲ. ಇಂತಹ ಧರ್ಮವೀರನ ಜೀವನ ಇಂದಿನ ಪೀಳಿಗೆಗೆ ಸ್ಫೂರ್ತಿಯಾಗಲಿ. ಇತಿಹಾಸದ ಪುಟಗಳಲ್ಲಿ ಮರೆಯಾಗಿದ್ದ ಈ ಅಧ್ಯಾಯವನ್ನು ಚಲನಚಿತ್ರ ಮತ್ತೆ ಜನಮನಕ್ಕೆ ತಲುಪಿಸಿದೆ.
ತ್ರ ಸದಾಭಿಮಾನಿ ಹಿಂದೂ ಸಾಮ್ರಾಜ್ಯದ ಸಂಸ್ಥಾಪಕ ಛತ್ರಪತಿ ಶಿವಾಜಿ ಮಹಾರಾಜರ ಪುತ್ರ ಸಂಭಾಜಿ ಮಹಾರಾಜರ ಜೀವನಾಧಾರಿತ ಚಲನಚಿತ್ರ ಛಾವಾ ದೇಶಾದ್ಯಂತ ಸಂಚಲನ ಮೂಡಿಸಿದೆ. ಔರಂಗಜೇಬನ ಕ್ರೂರ ಚಿತ್ರಹಿಂಸೆಗೆ ಒಳಗಾದರೂ ಧರ್ಮವನ್ನು ತ್ಯಜಿಸದ ವೀರನ ಕಥೆ ಇದು. ಕ್ರಿ.ಶ. 1689ರ ಫೆಬ್ರವರಿಯಲ್ಲಿ ಸಂಗಮೇಶ್ವರದಲ್ಲಿ ಸೆರೆಸಿಕ್ಕ ಸಂಭಾಜಿಯನ್ನು ತುಳಾಪುರಕ್ಕೆ ಕರೆದೊಯ್ಯಲಾಯಿತು. ಮತಾಂತರವಾದರೆ ಪ್ರಾಣ ಉಳಿಸುವುದಾಗಿ ಆಮಿಷ ಒಡ್ಡಲಾಯಿತು. ಆದರೆ ಸಂಭಾಜಿ ಮಹಾರಾಜರು ದೃಢವಾಗಿ ನಿರಾಕರಿಸಿದರು. ಅವರ ಕಣ್ಣುಗಳನ್ನು ಕೀಳಲಾಯಿತು, ನಾಲಿಗೆ ಕತ್ತರಿಸಲಾಯಿತು, ಚರ್ಮ ಸುಲಿಯಲಾಯಿತು. ನಲವತ್ತು ದಿನಗಳ ಕಾಲ ನಿರಂತರ ಚಿತ್ರಹಿಂಸೆ ನೀಡಿದರೂ ಅವರು ಶರಣಾಗಲಿಲ್ಲ. ಮಾರ್ಚ್ 11, 1689ರಂದು ಅವರ ದೇಹವನ್ನು ತುಂಡರಿಸಲಾಯಿತು. ಆದರೆ ಅವರ ತ್ಯಾಗ ಮರಾಠಾ ಸಾಮ್ರಾಜ್ಯಕ್ಕೆ ಹೊಸ ಚೈತನ್ಯ ನೀಡಿತು. ಮುಂದಿನ ಇಪ್ಪತ್ತೇಳು ವರ್ಷಗಳ ಕಾಲ ಮರಾಠರು ಮೊಘಲರ ವಿರುದ್ಧ ಹೋರಾಡಿದರು. ಔರಂಗಜೇಬ ದಕ್ಷಿಣದಲ್ಲೇ ಕೊನೆಯುಸಿರೆಳೆದ. ಸಂಭಾಜಿ ಮಹಾರಾಜರು ಸಂಸ್ಕೃತ ಪಂಡಿತರೂ ಆಗಿದ್ದರು, ಬುಧಭೂಷಣಂ ಎಂಬ ಗ್ರಂಥ ರಚಿಸಿದ್ದರು. ಒಂಬತ್ತು ವರ್ಷಗಳ ಆಳ್ವಿಕೆಯಲ್ಲಿ ನೂರಾರು ಯುದ್ಧಗಳಲ್ಲಿ ಒಂದನ್ನೂ ಸೋಲಲಿಲ್ಲ. ಇಂತಹ ಧರ್ಮವೀರನ ಜೀವನ ಇಂದಿನ ಪೀಳಿಗೆಗೆ ಸ್ಫೂರ್ತಿಯಾಗಲಿ. ಇತಿಹಾಸದ ಪುಟಗಳಲ್ಲಿ ಮರೆಯಾಗಿದ್ದ ಈ ಅಧ್ಯಾಯವನ್ನು ಚಲನಚಿತ್ರ ಮತ್ತೆ ಜನಮನಕ್ಕೆ ತಲುಪಿಸಿದೆ.
ಮೊಘಲರ ವಿರುದ್ಧದ ಮಹಾಸಂಗ್ರಾಮ
ತ್ರ ಸದಾಭಿಮಾನಿ ಹಿಂದೂ ಸಾಮ್ರಾಜ್ಯದ ಸಂಸ್ಥಾಪಕ ಛತ್ರಪತಿ ಶಿವಾಜಿ ಮಹಾರಾಜರ ಪುತ್ರ ಸಂಭಾಜಿ ಮಹಾರಾಜರ ಜೀವನಾಧಾರಿತ ಚಲನಚಿತ್ರ ಛಾವಾ ದೇಶಾದ್ಯಂತ ಸಂಚಲನ ಮೂಡಿಸಿದೆ. ಔರಂಗಜೇಬನ ಕ್ರೂರ ಚಿತ್ರಹಿಂಸೆಗೆ ಒಳಗಾದರೂ ಧರ್ಮವನ್ನು ತ್ಯಜಿಸದ ವೀರನ ಕಥೆ ಇದು. ಕ್ರಿ.ಶ. 1689ರ ಫೆಬ್ರವರಿಯಲ್ಲಿ ಸಂಗಮೇಶ್ವರದಲ್ಲಿ ಸೆರೆಸಿಕ್ಕ ಸಂಭಾಜಿಯನ್ನು ತುಳಾಪುರಕ್ಕೆ ಕರೆದೊಯ್ಯಲಾಯಿತು. ಮತಾಂತರವಾದರೆ ಪ್ರಾಣ ಉಳಿಸುವುದಾಗಿ ಆಮಿಷ ಒಡ್ಡಲಾಯಿತು. ಆದರೆ ಸಂಭಾಜಿ ಮಹಾರಾಜರು ದೃಢವಾಗಿ ನಿರಾಕರಿಸಿದರು. ಅವರ ಕಣ್ಣುಗಳನ್ನು ಕೀಳಲಾಯಿತು, ನಾಲಿಗೆ ಕತ್ತರಿಸಲಾಯಿತು, ಚರ್ಮ ಸುಲಿಯಲಾಯಿತು. ನಲವತ್ತು ದಿನಗಳ ಕಾಲ ನಿರಂತರ ಚಿತ್ರಹಿಂಸೆ ನೀಡಿದರೂ ಅವರು ಶರಣಾಗಲಿಲ್ಲ. ಮಾರ್ಚ್ 11, 1689ರಂದು ಅವರ ದೇಹವನ್ನು ತುಂಡರಿಸಲಾಯಿತು. ಆದರೆ ಅವರ ತ್ಯಾಗ ಮರಾಠಾ ಸಾಮ್ರಾಜ್ಯಕ್ಕೆ ಹೊಸ ಚೈತನ್ಯ ನೀಡಿತು. ಮುಂದಿನ ಇಪ್ಪತ್ತೇಳು ವರ್ಷಗಳ ಕಾಲ ಮರಾಠರು ಮೊಘಲರ ವಿರುದ್ಧ ಹೋರಾಡಿದರು. ಔರಂಗಜೇಬ ದಕ್ಷಿಣದಲ್ಲೇ ಕೊನೆಯುಸಿರೆಳೆದ. ಸಂಭಾಜಿ ಮಹಾರಾಜರು ಸಂಸ್ಕೃತ ಪಂಡಿತರೂ ಆಗಿದ್ದರು, ಬುಧಭೂಷಣಂ ಎಂಬ ಗ್ರಂಥ ರಚಿಸಿದ್ದರು. ಒಂಬತ್ತು ವರ್ಷಗಳ ಆಳ್ವಿಕೆಯಲ್ಲಿ ನೂರಾರು ಯುದ್ಧಗಳಲ್ಲಿ ಒಂದನ್ನೂ ಸೋಲಲಿಲ್ಲ. ಇಂತಹ ಧರ್ಮವೀರನ ಜೀವನ ಇಂದಿನ ಪೀಳಿಗೆಗೆ ಸ್ಫೂರ್ತಿಯಾಗಲಿ. ಇತಿಹಾಸದ ಪುಟಗಳಲ್ಲಿ ಮರೆಯಾಗಿದ್ದ ಈ ಅಧ್ಯಾಯವನ್ನು ಚಲನಚಿತ್ರ ಮತ್ತೆ ಜನಮನಕ್ಕೆ ತಲುಪಿಸಿದೆ.
ಮಾಯವಾಗುತ್ತಿದೆ ಮಕ್ಕಳಿಗೆ ಕತೆ ಹೇಳುವ ಪದ್ಧತಿ
▪ ಸುರೇಂದ್ರ ಪೈ, ಭಟ್ಕಳ
ಇಹಿಂದೆ ಅಜ್ಜಿ ಅಜ್ಜಂದಿರು ಮೊಮ್ಮಕ್ಕಳಿಗೆ ರಾತ್ರಿ ಮಲಗುವ ಮುನ್ನ ಕತೆ ಹೇಳುವುದು ಸಾಮಾನ್ಯವಾಗಿತ್ತು. ಪಂಚತಂತ್ರ, ರಾಮಾಯಣ, ಮಹಾಭಾರತ, ಜಾನಪದ ಕತೆಗಳು ಮಕ್ಕಳ ಕಲ್ಪನಾಶಕ್ತಿಯನ್ನು ಬೆಳೆಸುತ್ತಿದ್ದವು. ಇಂದು ಅವಿಭಕ್ತ ಕುಟುಂಬಗಳು ಕಡಿಮೆಯಾಗಿವೆ, ಪೋಷಕರು ಉದ್ಯೋಗದಲ್ಲಿ ನಿರತರಾಗಿದ್ದಾರೆ. ಮಕ್ಕಳ ಕೈಯಲ್ಲಿ ಮೊಬೈಲ್ ಬಂದಿದೆ. ಕಾರ್ಟೂನ್ ಮತ್ತು ವಿಡಿಯೋ ಗೇಮ್ ಗಳು ಕತೆಯ ಸ್ಥಾನವನ್ನು ಆಕ್ರಮಿಸಿವೆ. ಕತೆ ಕೇಳುವುದರಿಂದ ಮಕ್ಕಳಲ್ಲಿ ಭಾಷಾ ಜ್ಞಾನ, ಏಕಾಗ್ರತೆ, ನೈತಿಕ ಮೌಲ್ಯಗಳು ಬೆಳೆಯುತ್ತವೆ. ಪೋಷಕರು ಮತ್ತು ಮಕ್ಕಳ ನಡುವಿನ ಬಾಂಧವ್ಯ ಗಟ್ಟಿಯಾಗುತ್ತದೆ. ಶಾಲೆಗಳಲ್ಲಿಯೂ ಕತೆ ಹೇಳುವ ಅವಧಿ ಇರಬೇಕು. ದಿನಕ್ಕೆ ಕನಿಷ್ಠ ಹತ್ತು ನಿಮಿಷ ಮಕ್ಕಳೊಂದಿಗೆ ಕತೆ ಹಂಚಿಕೊಳ್ಳುವ ಅಭ್ಯಾಸವನ್ನು ಪೋಷಕರು ರೂಢಿಸಿಕೊಳ್ಳಬೇಕು. ಪುಸ್ತಕ ಓದುವ ಹವ್ಯಾಸವೂ ಇದರಿಂದ ಬೆಳೆಯುತ್ತದೆ. ನಮ್ಮ ಪರಂಪರೆಯ ಈ ಅಮೂಲ್ಯ ಪದ್ಧತಿಯನ್ನು ಉಳಿಸಿಕೊಳ್ಳುವುದು ಎಲ್ಲರ ಜವಾಬ್ದಾರಿ.
ಹಿಂದೆ ಅಜ್ಜಿ ಅಜ್ಜಂದಿರು ಮೊಮ್ಮಕ್ಕಳಿಗೆ ರಾತ್ರಿ ಮಲಗುವ ಮುನ್ನ ಕತೆ ಹೇಳುವುದು ಸಾಮಾನ್ಯವಾಗಿತ್ತು. ಪಂಚತಂತ್ರ, ರಾಮಾಯಣ, ಮಹಾಭಾರತ, ಜಾನಪದ ಕತೆಗಳು ಮಕ್ಕಳ ಕಲ್ಪನಾಶಕ್ತಿಯನ್ನು ಬೆಳೆಸುತ್ತಿದ್ದವು. ಇಂದು ಅವಿಭಕ್ತ ಕುಟುಂಬಗಳು ಕಡಿಮೆಯಾಗಿವೆ, ಪೋಷಕರು ಉದ್ಯೋಗದಲ್ಲಿ ನಿರತರಾಗಿದ್ದಾರೆ. ಮಕ್ಕಳ ಕೈಯಲ್ಲಿ ಮೊಬೈಲ್ ಬಂದಿದೆ. ಕಾರ್ಟೂನ್ ಮತ್ತು ವಿಡಿಯೋ ಗೇಮ್ ಗಳು ಕತೆಯ ಸ್ಥಾನವನ್ನು ಆಕ್ರಮಿಸಿವೆ. ಕತೆ ಕೇಳುವುದರಿಂದ ಮಕ್ಕಳಲ್ಲಿ ಭಾಷಾ ಜ್ಞಾನ, ಏಕಾಗ್ರತೆ, ನೈತಿಕ ಮೌಲ್ಯಗಳು ಬೆಳೆಯುತ್ತವೆ. ಪೋಷಕರು ಮತ್ತು ಮಕ್ಕಳ ನಡುವಿನ ಬಾಂಧವ್ಯ ಗಟ್ಟಿಯಾಗುತ್ತದೆ. ಶಾಲೆಗಳಲ್ಲಿಯೂ ಕತೆ ಹೇಳುವ ಅವಧಿ ಇರಬೇಕು. ದಿನಕ್ಕೆ ಕನಿಷ್ಠ ಹತ್ತು ನಿಮಿಷ ಮಕ್ಕಳೊಂದಿಗೆ ಕತೆ ಹಂಚಿಕೊಳ್ಳುವ ಅಭ್ಯಾಸವನ್ನು ಪೋಷಕರು ರೂಢಿಸಿಕೊಳ್ಳಬೇಕು. ಪುಸ್ತಕ ಓದುವ ಹವ್ಯಾಸವೂ ಇದರಿಂದ ಬೆಳೆಯುತ್ತದೆ. ನಮ್ಮ ಪರಂಪರೆಯ ಈ ಅಮೂಲ್ಯ ಪದ್ಧತಿಯನ್ನು ಉಳಿಸಿಕೊಳ್ಳುವುದು ಎಲ್ಲರ ಜವಾಬ್ದಾರಿ.
ಹಿಂದೆ ಅಜ್ಜಿ ಅಜ್ಜಂದಿರು ಮೊಮ್ಮಕ್ಕಳಿಗೆ ರಾತ್ರಿ ಮಲಗುವ ಮುನ್ನ ಕತೆ ಹೇಳುವುದು ಸಾಮಾನ್ಯವಾಗಿತ್ತು. ಪಂಚತಂತ್ರ, ರಾಮಾಯಣ, ಮಹಾಭಾರತ, ಜಾನಪದ ಕತೆಗಳು ಮಕ್ಕಳ ಕಲ್ಪನಾಶಕ್ತಿಯನ್ನು ಬೆಳೆಸುತ್ತಿದ್ದವು. ಇಂದು ಅವಿಭಕ್ತ ಕುಟುಂಬಗಳು ಕಡಿಮೆಯಾಗಿವೆ, ಪೋಷಕರು ಉದ್ಯೋಗದಲ್ಲಿ ನಿರತರಾಗಿದ್ದಾರೆ. ಮಕ್ಕಳ ಕೈಯಲ್ಲಿ ಮೊಬೈಲ್ ಬಂದಿದೆ. ಕಾರ್ಟೂನ್ ಮತ್ತು ವಿಡಿಯೋ ಗೇಮ್ ಗಳು ಕತೆಯ ಸ್ಥಾನವನ್ನು ಆಕ್ರಮಿಸಿವೆ. ಕತೆ ಕೇಳುವುದರಿಂದ ಮಕ್ಕಳಲ್ಲಿ ಭಾಷಾ ಜ್ಞಾನ, ಏಕಾಗ್ರತೆ, ನೈತಿಕ ಮೌಲ್ಯಗಳು ಬೆಳೆಯುತ್ತವೆ. ಪೋಷಕರು ಮತ್ತು ಮಕ್ಕಳ ನಡುವಿನ ಬಾಂಧವ್ಯ ಗಟ್ಟಿಯಾಗುತ್ತದೆ. ಶಾಲೆಗಳಲ್ಲಿಯೂ ಕತೆ ಹೇಳುವ ಅವಧಿ ಇರಬೇಕು. ದಿನಕ್ಕೆ ಕನಿಷ್ಠ ಹತ್ತು ನಿಮಿಷ ಮಕ್ಕಳೊಂದಿಗೆ ಕತೆ ಹಂಚಿಕೊಳ್ಳುವ ಅಭ್ಯಾಸವನ್ನು ಪೋಷಕರು ರೂಢಿಸಿಕೊಳ್ಳಬೇಕು. ಪುಸ್ತಕ ಓದುವ ಹವ್ಯಾಸವೂ ಇದರಿಂದ ಬೆಳೆಯುತ್ತದೆ. ನಮ್ಮ ಪರಂಪರೆಯ ಈ ಅಮೂಲ್ಯ ಪದ್ಧತಿಯನ್ನು ಉಳಿಸಿಕೊಳ್ಳುವುದು ಎಲ್ಲರ ಜವಾಬ್ದಾರಿ.
ಹಿಂದೆ ಅಜ್ಜಿ ಅಜ್ಜಂದಿರು ಮೊಮ್ಮಕ್ಕಳಿಗೆ ರಾತ್ರಿ ಮಲಗುವ ಮುನ್ನ ಕತೆ ಹೇಳುವುದು ಸಾಮಾನ್ಯವಾಗಿತ್ತು. ಪಂಚತಂತ್ರ, ರಾಮಾಯಣ, ಮಹಾಭಾರತ, ಜಾನಪದ ಕತೆಗಳು ಮಕ್ಕಳ ಕಲ್ಪನಾಶಕ್ತಿಯನ್ನು ಬೆಳೆಸುತ್ತಿದ್ದವು. ಇಂದು ಅವಿಭಕ್ತ ಕುಟುಂಬಗಳು ಕಡಿಮೆಯಾಗಿವೆ, ಪೋಷಕರು ಉದ್ಯೋಗದಲ್ಲಿ ನಿರತರಾಗಿದ್ದಾರೆ. ಮಕ್ಕಳ ಕೈಯಲ್ಲಿ ಮೊಬೈಲ್ ಬಂದಿದೆ. ಕಾರ್ಟೂನ್ ಮತ್ತು ವಿಡಿಯೋ ಗೇಮ್ ಗಳು ಕತೆಯ ಸ್ಥಾನವನ್ನು ಆಕ್ರಮಿಸಿವೆ. ಕತೆ ಕೇಳುವುದರಿಂದ ಮಕ್ಕಳಲ್ಲಿ ಭಾಷಾ ಜ್ಞಾನ, ಏಕಾಗ್ರತೆ, ನೈತಿಕ ಮೌಲ್ಯಗಳು ಬೆಳೆಯುತ್ತವೆ. ಪೋಷಕರು ಮತ್ತು ಮಕ್ಕಳ ನಡುವಿನ ಬಾಂಧವ್ಯ ಗಟ್ಟಿಯಾಗುತ್ತದೆ. ಶಾಲೆಗಳಲ್ಲಿಯೂ ಕತೆ ಹೇಳುವ ಅವಧಿ ಇರಬೇಕು. ದಿನಕ್ಕೆ ಕನಿಷ್ಠ ಹತ್ತು ನಿಮಿಷ ಮಕ್ಕಳೊಂದಿಗೆ ಕತೆ ಹಂಚಿಕೊಳ್ಳುವ ಅಭ್ಯಾಸವನ್ನು ಪೋಷಕರು ರೂಢಿಸಿಕೊಳ್ಳಬೇಕು. ಪುಸ್ತಕ ಓದುವ ಹವ್ಯಾಸವೂ ಇದರಿಂದ ಬೆಳೆಯುತ್ತದೆ. ನಮ್ಮ ಪರಂಪರೆಯ ಈ ಅಮೂಲ್ಯ ಪದ್ಧತಿಯನ್ನು ಉಳಿಸಿಕೊಳ್ಳುವುದು ಎಲ್ಲರ ಜವಾಬ್ದಾರಿ.
ಬಾಲ್ಯದಲ್ಲಿ ಕೇಳಿದ ನೀತಿ ಕತೆಗಳು ಮಕ್ಕಳ ಮನಸ್ಸಿನಲ್ಲಿ ಶಾಶ್ವತವಾಗಿ ಉಳಿದು ಅವರ ವ್ಯಕ್ತಿತ್ವವನ್ನು ರೂಪಿಸುತ್ತವೆ
ಹಿಂದೆ ಅಜ್ಜಿ ಅಜ್ಜಂದಿರು ಮೊಮ್ಮಕ್ಕಳಿಗೆ ರಾತ್ರಿ ಮಲಗುವ ಮುನ್ನ ಕತೆ ಹೇಳುವುದು ಸಾಮಾನ್ಯವಾಗಿತ್ತು. ಪಂಚತಂತ್ರ, ರಾಮಾಯಣ, ಮಹಾಭಾರತ, ಜಾನಪದ ಕತೆಗಳು ಮಕ್ಕಳ ಕಲ್ಪನಾಶಕ್ತಿಯನ್ನು ಬೆಳೆಸುತ್ತಿದ್ದವು. ಇಂದು ಅವಿಭಕ್ತ ಕುಟುಂಬಗಳು ಕಡಿಮೆಯಾಗಿವೆ, ಪೋಷಕರು ಉದ್ಯೋಗದಲ್ಲಿ ನಿರತರಾಗಿದ್ದಾರೆ. ಮಕ್ಕಳ ಕೈಯಲ್ಲಿ ಮೊಬೈಲ್ ಬಂದಿದೆ. ಕಾರ್ಟೂನ್ ಮತ್ತು ವಿಡಿಯೋ ಗೇಮ್ ಗಳು ಕತೆಯ ಸ್ಥಾನವನ್ನು ಆಕ್ರಮಿಸಿವೆ. ಕತೆ ಕೇಳುವುದರಿಂದ ಮಕ್ಕಳಲ್ಲಿ ಭಾಷಾ ಜ್ಞಾನ, ಏಕಾಗ್ರತೆ, ನೈತಿಕ ಮೌಲ್ಯಗಳು ಬೆಳೆಯುತ್ತವೆ. ಪೋಷಕರು ಮತ್ತು ಮಕ್ಕಳ ನಡುವಿನ ಬಾಂಧವ್ಯ ಗಟ್ಟಿಯಾಗುತ್ತದೆ. ಶಾಲೆಗಳಲ್ಲಿಯೂ ಕತೆ ಹೇಳುವ ಅವಧಿ ಇರಬೇಕು. ದಿನಕ್ಕೆ ಕನಿಷ್ಠ ಹತ್ತು ನಿಮಿಷ ಮಕ್ಕಳೊಂದಿಗೆ ಕತೆ ಹಂಚಿಕೊಳ್ಳುವ ಅಭ್ಯಾಸವನ್ನು ಪೋಷಕರು ರೂಢಿಸಿಕೊಳ್ಳಬೇಕು. ಪುಸ್ತಕ ಓದುವ ಹವ್ಯಾಸವೂ ಇದರಿಂದ ಬೆಳೆಯುತ್ತದೆ. ನಮ್ಮ ಪರಂಪರೆಯ ಈ ಅಮೂಲ್ಯ ಪದ್ಧತಿಯನ್ನು ಉಳಿಸಿಕೊಳ್ಳುವುದು ಎಲ್ಲರ ಜವಾಬ್ದಾರಿ.
ಹಿಂದೆ ಅಜ್ಜಿ ಅಜ್ಜಂದಿರು ಮೊಮ್ಮಕ್ಕಳಿಗೆ ರಾತ್ರಿ ಮಲಗುವ ಮುನ್ನ ಕತೆ ಹೇಳುವುದು ಸಾಮಾನ್ಯವಾಗಿತ್ತು. ಪಂಚತಂತ್ರ, ರಾಮಾಯಣ, ಮಹಾಭಾರತ, ಜಾನಪದ ಕತೆಗಳು ಮಕ್ಕಳ ಕಲ್ಪನಾಶಕ್ತಿಯನ್ನು ಬೆಳೆಸುತ್ತಿದ್ದವು. ಇಂದು ಅವಿಭಕ್ತ ಕುಟುಂಬಗಳು ಕಡಿಮೆಯಾಗಿವೆ, ಪೋಷಕರು ಉದ್ಯೋಗದಲ್ಲಿ ನಿರತರಾಗಿದ್ದಾರೆ. ಮಕ್ಕಳ ಕೈಯಲ್ಲಿ ಮೊಬೈಲ್ ಬಂದಿದೆ. ಕಾರ್ಟೂನ್ ಮತ್ತು ವಿಡಿಯೋ ಗೇಮ್ ಗಳು ಕತೆಯ ಸ್ಥಾನವನ್ನು ಆಕ್ರಮಿಸಿವೆ. ಕತೆ ಕೇಳುವುದರಿಂದ ಮಕ್ಕಳಲ್ಲಿ ಭಾಷಾ ಜ್ಞಾನ, ಏಕಾಗ್ರತೆ, ನೈತಿಕ ಮೌಲ್ಯಗಳು ಬೆಳೆಯುತ್ತವೆ. ಪೋಷಕರು ಮತ್ತು ಮಕ್ಕಳ ನಡುವಿನ ಬಾಂಧವ್ಯ ಗಟ್ಟಿಯಾಗುತ್ತದೆ. ಶಾಲೆಗಳಲ್ಲಿಯೂ ಕತೆ ಹೇಳುವ ಅವಧಿ ಇರಬೇಕು. ದಿನಕ್ಕೆ ಕನಿಷ್ಠ ಹತ್ತು ನಿಮಿಷ ಮಕ್ಕಳೊಂದಿಗೆ ಕತೆ ಹಂಚಿಕೊಳ್ಳುವ ಅಭ್ಯಾಸವನ್ನು ಪೋಷಕರು ರೂಢಿಸಿಕೊಳ್ಳಬೇಕು. ಪುಸ್ತಕ ಓದುವ ಹವ್ಯಾಸವೂ ಇದರಿಂದ ಬೆಳೆಯುತ್ತದೆ. ನಮ್ಮ ಪರಂಪರೆಯ ಈ ಅಮೂಲ್ಯ ಪದ್ಧತಿಯನ್ನು ಉಳಿಸಿಕೊಳ್ಳುವುದು ಎಲ್ಲರ ಜವಾಬ್ದಾರಿ. ಹಿಂದೆ ಅಜ್ಜಿ ಅಜ್ಜಂದಿರು ಮೊಮ್ಮಕ್ಕಳಿಗೆ ರಾತ್ರಿ ಮಲಗುವ ಮುನ್ನ ಕತೆ ಹೇಳುವುದು ಸಾಮಾನ್ಯವಾಗಿತ್ತು. ಪಂಚತಂತ್ರ, ರಾಮಾಯಣ, ಮಹಾಭಾರತ, ಜಾನಪದ ಕತೆಗಳು ಮಕ್ಕಳ ಕಲ್ಪನಾಶಕ್ತಿಯನ್ನು ಬೆಳೆಸುತ್ತಿದ್ದವು. ಇಂದು ಅವಿಭಕ್ತ ಕುಟುಂಬಗಳು ಕಡಿಮೆಯಾಗಿವೆ, ಪೋಷಕರು ಉದ್ಯೋಗದಲ್ಲಿ ನಿರತರಾಗಿದ್ದಾರೆ. ಮಕ್ಕಳ ಕೈಯಲ್ಲಿ ಮೊಬೈಲ್ ಬಂದಿದೆ. ಕಾರ್ಟೂನ್ ಮತ್ತು ವಿಡಿಯೋ ಗೇಮ್ ಗಳು ಕತೆಯ ಸ್ಥಾನವನ್ನು ಆಕ್ರಮಿಸಿವೆ. ಕತೆ ಕೇಳುವುದರಿಂದ ಮಕ್ಕಳಲ್ಲಿ ಭಾಷಾ ಜ್ಞಾನ, ಏಕಾಗ್ರತೆ, ನೈತಿಕ ಮೌಲ್ಯಗಳು ಬೆಳೆಯುತ್ತವೆ. ಪೋಷಕರು ಮತ್ತು ಮಕ್ಕಳ ನಡುವಿನ ಬಾಂಧವ್ಯ ಗಟ್ಟಿಯಾಗುತ್ತದೆ. ಶಾಲೆಗಳಲ್ಲಿಯೂ ಕತೆ ಹೇಳುವ ಅವಧಿ ಇರಬೇಕು. ದಿನಕ್ಕೆ ಕನಿಷ್ಠ ಹತ್ತು ನಿಮಿಷ ಮಕ್ಕಳೊಂದಿಗೆ ಕತೆ ಹಂಚಿಕೊಳ್ಳುವ ಅಭ್ಯಾಸವನ್ನು ಪೋಷಕರು ರೂಢಿಸಿಕೊಳ್ಳಬೇಕು. ಪುಸ್ತಕ ಓದುವ ಹವ್ಯಾಸವೂ ಇದರಿಂದ ಬೆಳೆಯುತ್ತದೆ. ನಮ್ಮ ಪರಂಪರೆಯ ಈ ಅಮೂಲ್ಯ ಪದ್ಧತಿಯನ್ನು ಉಳಿಸಿಕೊಳ್ಳುವುದು ಎಲ್ಲರ ಜವಾಬ್ದಾರಿ.
